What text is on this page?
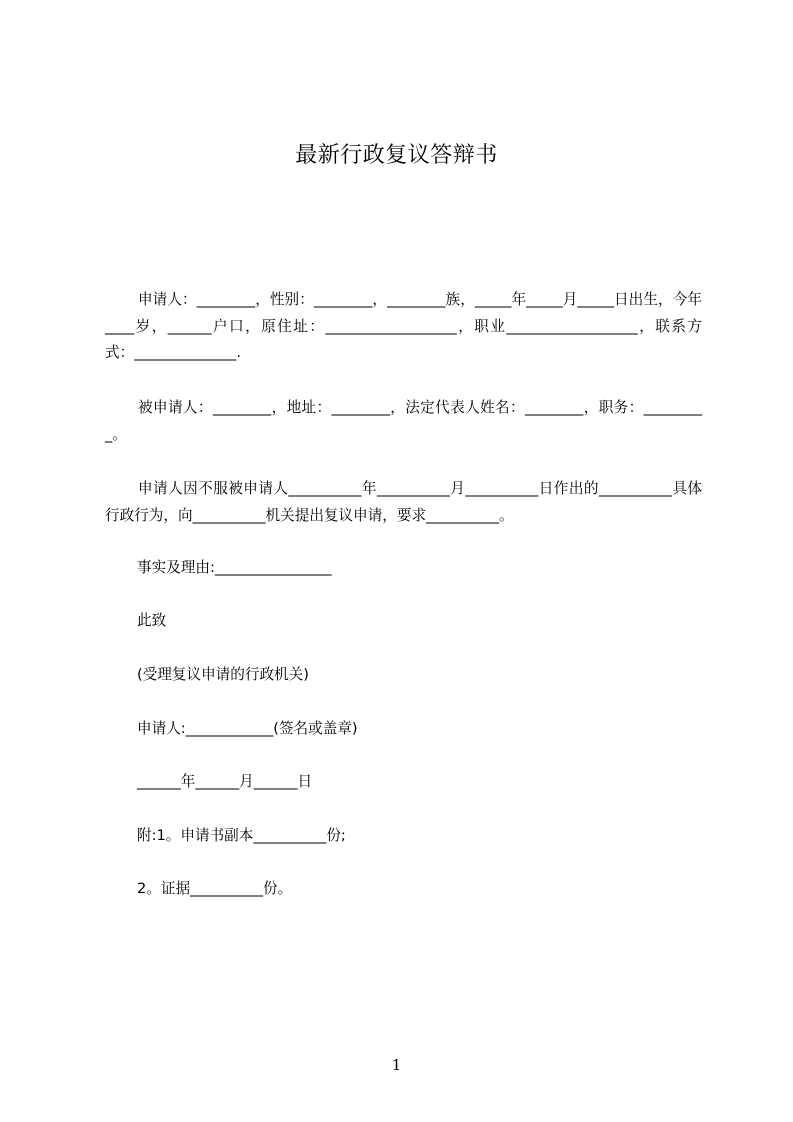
最新行政复议答辩书
申请人：________，性别：________，________族，_____年_____月_____日出生，今年____岁，______户口，原住址：__________________，职业__________________，联系方式：______________.
被申请人：________，地址：________，法定代表人姓名：________，职务：_________。
申请人因不服被申请人__________年__________月__________日作出的__________具体行政行为，向__________机关提出复议申请，要求__________。
事实及理由:________________
此致
(受理复议申请的行政机关)
申请人:____________(签名或盖章)
______年______月______日
附:1。申请书副本__________份;
2。证据__________份。
1
